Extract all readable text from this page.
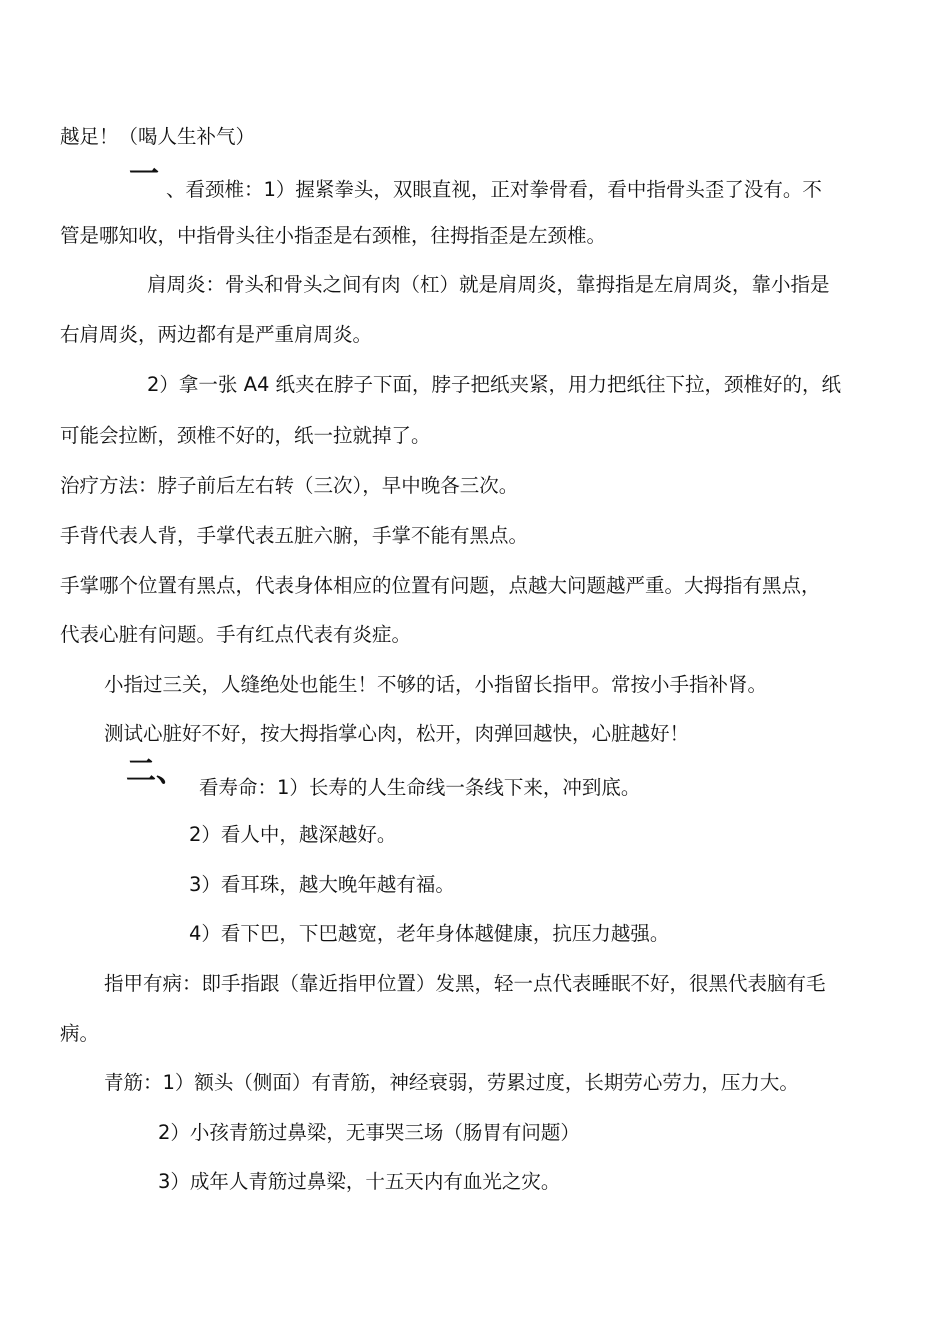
越足！（喝人生补气）
一 、看颈椎：1）握紧拳头，双眼直视，正对拳骨看，看中指骨头歪了没有。不
管是哪知收，中指骨头往小指歪是右颈椎，往拇指歪是左颈椎。
肩周炎：骨头和骨头之间有肉（杠）就是肩周炎，靠拇指是左肩周炎，靠小指是
右肩周炎，两边都有是严重肩周炎。
2）拿一张 A4 纸夹在脖子下面，脖子把纸夹紧，用力把纸往下拉，颈椎好的，纸
可能会拉断，颈椎不好的，纸一拉就掉了。
治疗方法：脖子前后左右转（三次），早中晚各三次。
手背代表人背，手掌代表五脏六腑，手掌不能有黑点。
手掌哪个位置有黑点，代表身体相应的位置有问题，点越大问题越严重。大拇指有黑点，
代表心脏有问题。手有红点代表有炎症。
小指过三关，人缝绝处也能生！不够的话，小指留长指甲。常按小手指补肾。
测试心脏好不好，按大拇指掌心肉，松开，肉弹回越快，心脏越好！
二、 看寿命：1）长寿的人生命线一条线下来，冲到底。
2）看人中，越深越好。
3）看耳珠，越大晚年越有福。
4）看下巴，下巴越宽，老年身体越健康，抗压力越强。
指甲有病：即手指跟（靠近指甲位置）发黑，轻一点代表睡眠不好，很黑代表脑有毛
病。
青筋：1）额头（侧面）有青筋，神经衰弱，劳累过度，长期劳心劳力，压力大。
2）小孩青筋过鼻梁，无事哭三场（肠胃有问题）
3）成年人青筋过鼻梁，十五天内有血光之灾。
